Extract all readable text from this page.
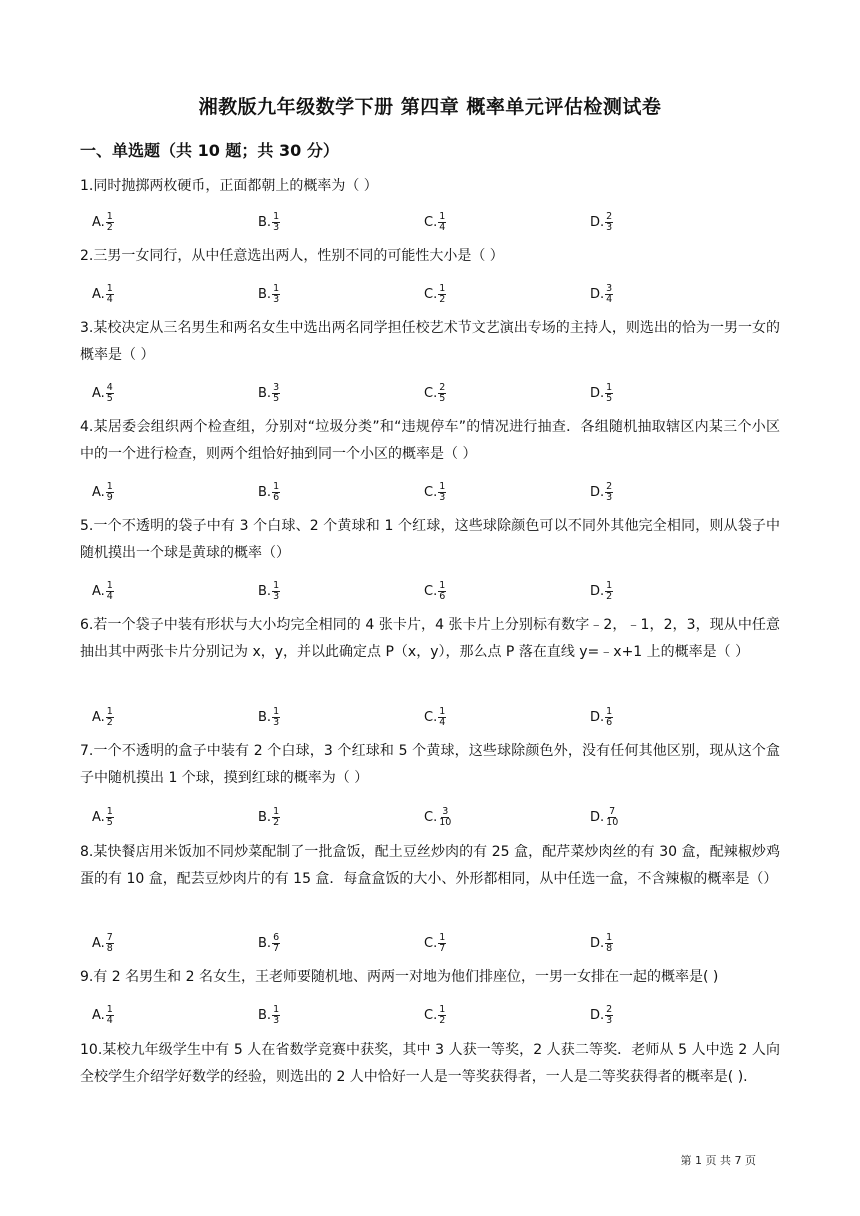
湘教版九年级数学下册 第四章 概率单元评估检测试卷
一、单选题（共 10 题；共 30 分）
1.同时抛掷两枚硬币，正面都朝上的概率为（ ）
A. $\frac{1}{2}$	B. $\frac{1}{3}$	C. $\frac{1}{4}$	D. $\frac{2}{3}$
2.三男一女同行，从中任意选出两人，性别不同的可能性大小是（ ）
A. $\frac{1}{4}$	B. $\frac{1}{3}$	C. $\frac{1}{2}$	D. $\frac{3}{4}$
3.某校决定从三名男生和两名女生中选出两名同学担任校艺术节文艺演出专场的主持人，则选出的恰为一男一女的概率是（ ）
A. $\frac{4}{5}$	B. $\frac{3}{5}$	C. $\frac{2}{5}$	D. $\frac{1}{5}$
4.某居委会组织两个检查组，分别对“垃圾分类”和“违规停车”的情况进行抽查．各组随机抽取辖区内某三个小区中的一个进行检查，则两个组恰好抽到同一个小区的概率是（ ）
A. $\frac{1}{9}$	B. $\frac{1}{6}$	C. $\frac{1}{3}$	D. $\frac{2}{3}$
5.一个不透明的袋子中有 3 个白球、2 个黄球和 1 个红球，这些球除颜色可以不同外其他完全相同，则从袋子中随机摸出一个球是黄球的概率（）
A. $\frac{1}{4}$	B. $\frac{1}{3}$	C. $\frac{1}{6}$	D. $\frac{1}{2}$
6.若一个袋子中装有形状与大小均完全相同的 4 张卡片，4 张卡片上分别标有数字﹣2，﹣1，2，3，现从中任意抽出其中两张卡片分别记为 x，y，并以此确定点 P（x，y），那么点 P 落在直线 y=﹣x+1 上的概率是（ ）
A. $\frac{1}{2}$	B. $\frac{1}{3}$	C. $\frac{1}{4}$	D. $\frac{1}{6}$
7.一个不透明的盒子中装有 2 个白球，3 个红球和 5 个黄球，这些球除颜色外，没有任何其他区别，现从这个盒子中随机摸出 1 个球，摸到红球的概率为（ ）
A. $\frac{1}{5}$	B. $\frac{1}{2}$	C. $\frac{3}{10}$	D. $\frac{7}{10}$
8.某快餐店用米饭加不同炒菜配制了一批盒饭，配土豆丝炒肉的有 25 盒，配芹菜炒肉丝的有 30 盒，配辣椒炒鸡蛋的有 10 盒，配芸豆炒肉片的有 15 盒．每盒盒饭的大小、外形都相同，从中任选一盒，不含辣椒的概率是（）
A. $\frac{7}{8}$	B. $\frac{6}{7}$	C. $\frac{1}{7}$	D. $\frac{1}{8}$
9.有 2 名男生和 2 名女生，王老师要随机地、两两一对地为他们排座位，一男一女排在一起的概率是( )
A. $\frac{1}{4}$	B. $\frac{1}{3}$	C. $\frac{1}{2}$	D. $\frac{2}{3}$
10.某校九年级学生中有 5 人在省数学竞赛中获奖，其中 3 人获一等奖，2 人获二等奖．老师从 5 人中选 2 人向全校学生介绍学好数学的经验，则选出的 2 人中恰好一人是一等奖获得者，一人是二等奖获得者的概率是( ).
第 1 页 共 7 页
